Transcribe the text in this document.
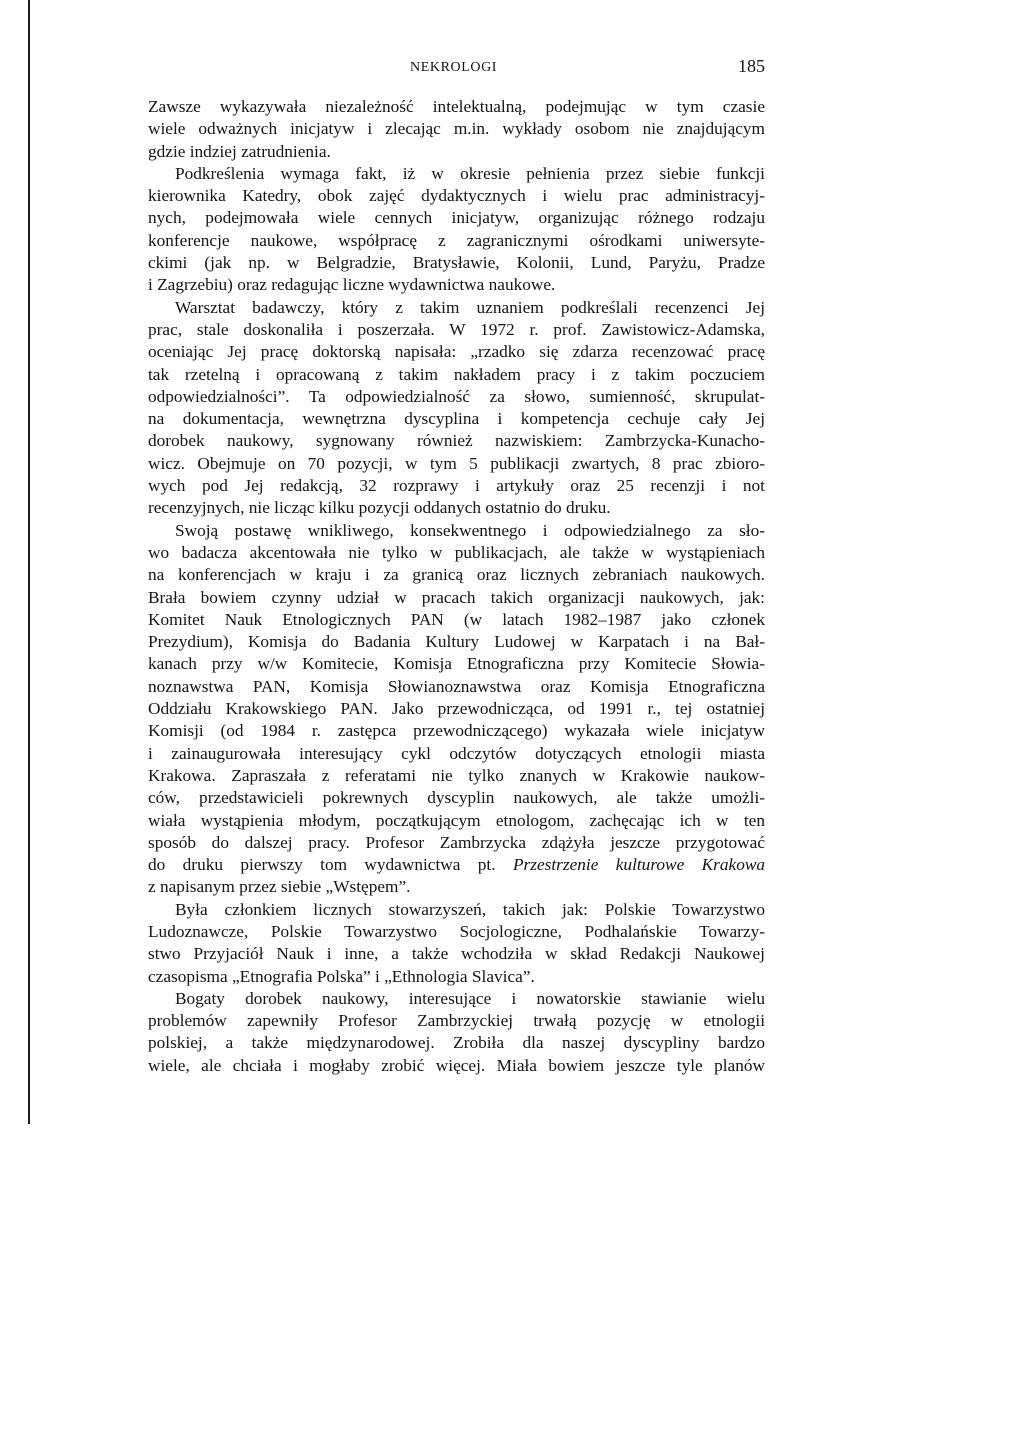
NEKROLOGI	185
Zawsze wykazywała niezależność intelektualną, podejmując w tym czasie
wiele odważnych inicjatyw i zlecając m.in. wykłady osobom nie znajdującym
gdzie indziej zatrudnienia.
Podkreślenia wymaga fakt, iż w okresie pełnienia przez siebie funkcji
kierownika Katedry, obok zajęć dydaktycznych i wielu prac administracyj-
nych, podejmowała wiele cennych inicjatyw, organizując różnego rodzaju
konferencje naukowe, współpracę z zagranicznymi ośrodkami uniwersyte-
ckimi (jak np. w Belgradzie, Bratysławie, Kolonii, Lund, Paryżu, Pradze
i Zagrzebiu) oraz redagując liczne wydawnictwa naukowe.
Warsztat badawczy, który z takim uznaniem podkreślali recenzenci Jej
prac, stale doskonaliła i poszerzała. W 1972 r. prof. Zawistowicz-Adamska,
oceniając Jej pracę doktorską napisała: „rzadko się zdarza recenzować pracę
tak rzetelną i opracowaną z takim nakładem pracy i z takim poczuciem
odpowiedzialności”. Ta odpowiedzialność za słowo, sumienność, skrupulat-
na dokumentacja, wewnętrzna dyscyplina i kompetencja cechuje cały Jej
dorobek naukowy, sygnowany również nazwiskiem: Zambrzycka-Kunacho-
wicz. Obejmuje on 70 pozycji, w tym 5 publikacji zwartych, 8 prac zbioro-
wych pod Jej redakcją, 32 rozprawy i artykuły oraz 25 recenzji i not
recenzyjnych, nie licząc kilku pozycji oddanych ostatnio do druku.
Swoją postawę wnikliwego, konsekwentnego i odpowiedzialnego za sło-
wo badacza akcentowała nie tylko w publikacjach, ale także w wystąpieniach
na konferencjach w kraju i za granicą oraz licznych zebraniach naukowych.
Brała bowiem czynny udział w pracach takich organizacji naukowych, jak:
Komitet Nauk Etnologicznych PAN (w latach 1982–1987 jako członek
Prezydium), Komisja do Badania Kultury Ludowej w Karpatach i na Bał-
kanach przy w/w Komitecie, Komisja Etnograficzna przy Komitecie Słowia-
noznawstwa PAN, Komisja Słowianoznawstwa oraz Komisja Etnograficzna
Oddziału Krakowskiego PAN. Jako przewodnicząca, od 1991 r., tej ostatniej
Komisji (od 1984 r. zastępca przewodniczącego) wykazała wiele inicjatyw
i zainaugurowała interesujący cykl odczytów dotyczących etnologii miasta
Krakowa. Zapraszała z referatami nie tylko znanych w Krakowie naukow-
ców, przedstawicieli pokrewnych dyscyplin naukowych, ale także umożli-
wiała wystąpienia młodym, początkującym etnologom, zachęcając ich w ten
sposób do dalszej pracy. Profesor Zambrzycka zdążyła jeszcze przygotować
do druku pierwszy tom wydawnictwa pt. Przestrzenie kulturowe Krakowa
z napisanym przez siebie „Wstępem”.
Była członkiem licznych stowarzyszeń, takich jak: Polskie Towarzystwo
Ludoznawcze, Polskie Towarzystwo Socjologiczne, Podhalańskie Towarzy-
stwo Przyjaciół Nauk i inne, a także wchodziła w skład Redakcji Naukowej
czasopisma „Etnografia Polska” i „Ethnologia Slavica”.
Bogaty dorobek naukowy, interesujące i nowatorskie stawianie wielu
problemów zapewniły Profesor Zambrzyckiej trwałą pozycję w etnologii
polskiej, a także międzynarodowej. Zrobiła dla naszej dyscypliny bardzo
wiele, ale chciała i mogłaby zrobić więcej. Miała bowiem jeszcze tyle planów
